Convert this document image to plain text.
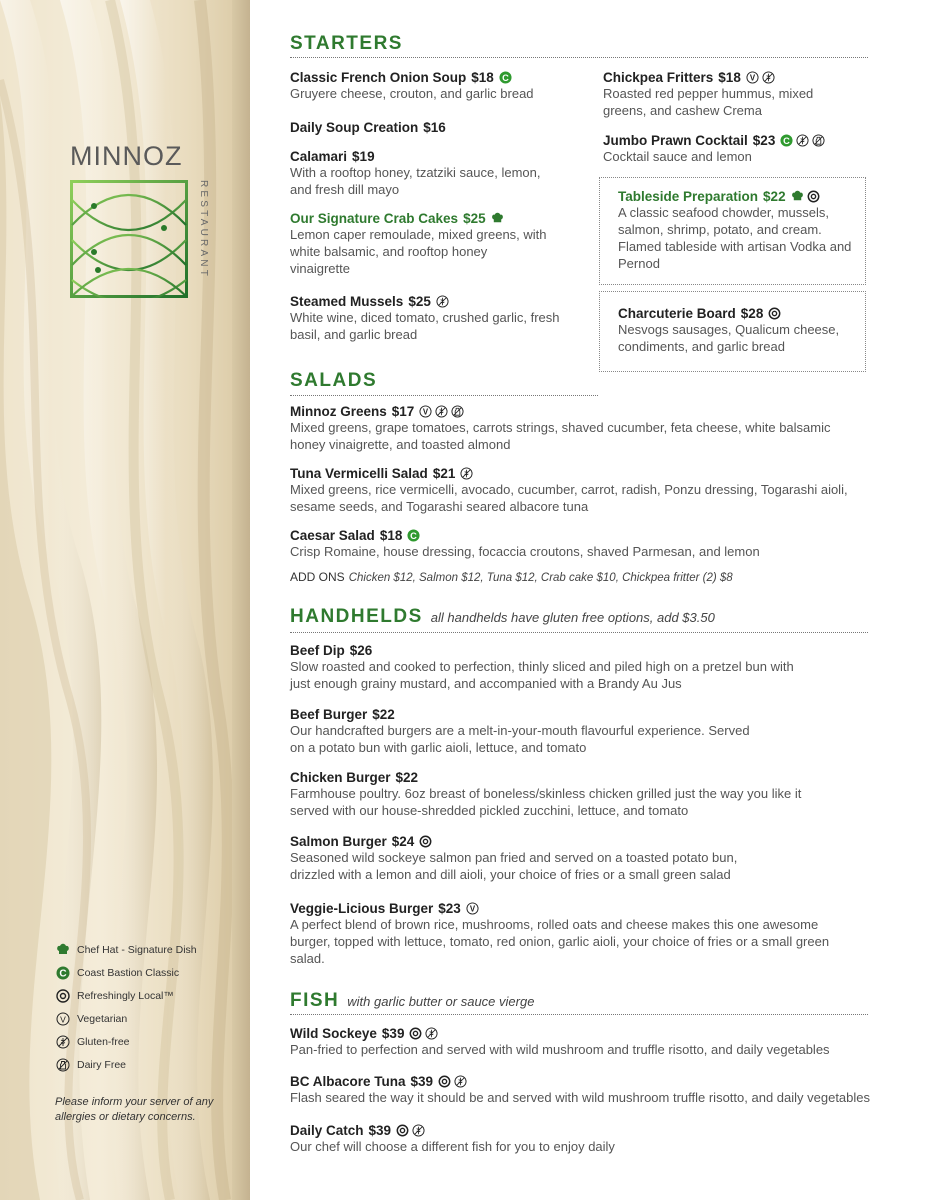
MINNOZ
RESTAURANT
Chef Hat - Signature Dish
C Coast Bastion Classic
Refreshingly Local™
V Vegetarian
Gluten-free
Dairy Free
Please inform your server of any allergies or dietary concerns.
STARTERS
Classic French Onion Soup $18 C
Gruyere cheese, crouton, and garlic bread
Daily Soup Creation $16
Calamari $19
With a rooftop honey, tzatziki sauce, lemon, and fresh dill mayo
Our Signature Crab Cakes $25
Lemon caper remoulade, mixed greens, with white balsamic, and rooftop honey vinaigrette
Steamed Mussels $25
White wine, diced tomato, crushed garlic, fresh basil, and garlic bread
Chickpea Fritters $18 V
Roasted red pepper hummus, mixed greens, and cashew Crema
Jumbo Prawn Cocktail $23 C
Cocktail sauce and lemon
Tableside Preparation $22
A classic seafood chowder, mussels, salmon, shrimp, potato, and cream. Flamed tableside with artisan Vodka and Pernod
Charcuterie Board $28
Nesvogs sausages, Qualicum cheese, condiments, and garlic bread
SALADS
Minnoz Greens $17 V
Mixed greens, grape tomatoes, carrots strings, shaved cucumber, feta cheese, white balsamic honey vinaigrette, and toasted almond
Tuna Vermicelli Salad $21
Mixed greens, rice vermicelli, avocado, cucumber, carrot, radish, Ponzu dressing, Togarashi aioli, sesame seeds, and Togarashi seared albacore tuna
Caesar Salad $18 C
Crisp Romaine, house dressing, focaccia croutons, shaved Parmesan, and lemon
ADD ONS Chicken $12, Salmon $12, Tuna $12, Crab cake $10, Chickpea fritter (2) $8
HANDHELDS all handhelds have gluten free options, add $3.50
Beef Dip $26
Slow roasted and cooked to perfection, thinly sliced and piled high on a pretzel bun with just enough grainy mustard, and accompanied with a Brandy Au Jus
Beef Burger $22
Our handcrafted burgers are a melt-in-your-mouth flavourful experience. Served on a potato bun with garlic aioli, lettuce, and tomato
Chicken Burger $22
Farmhouse poultry. 6oz breast of boneless/skinless chicken grilled just the way you like it served with our house-shredded pickled zucchini, lettuce, and tomato
Salmon Burger $24
Seasoned wild sockeye salmon pan fried and served on a toasted potato bun, drizzled with a lemon and dill aioli, your choice of fries or a small green salad
Veggie-Licious Burger $23 V
A perfect blend of brown rice, mushrooms, rolled oats and cheese makes this one awesome burger, topped with lettuce, tomato, red onion, garlic aioli, your choice of fries or a small green salad.
FISH with garlic butter or sauce vierge
Wild Sockeye $39
Pan-fried to perfection and served with wild mushroom and truffle risotto, and daily vegetables
BC Albacore Tuna $39
Flash seared the way it should be and served with wild mushroom truffle risotto, and daily vegetables
Daily Catch $39
Our chef will choose a different fish for you to enjoy daily
